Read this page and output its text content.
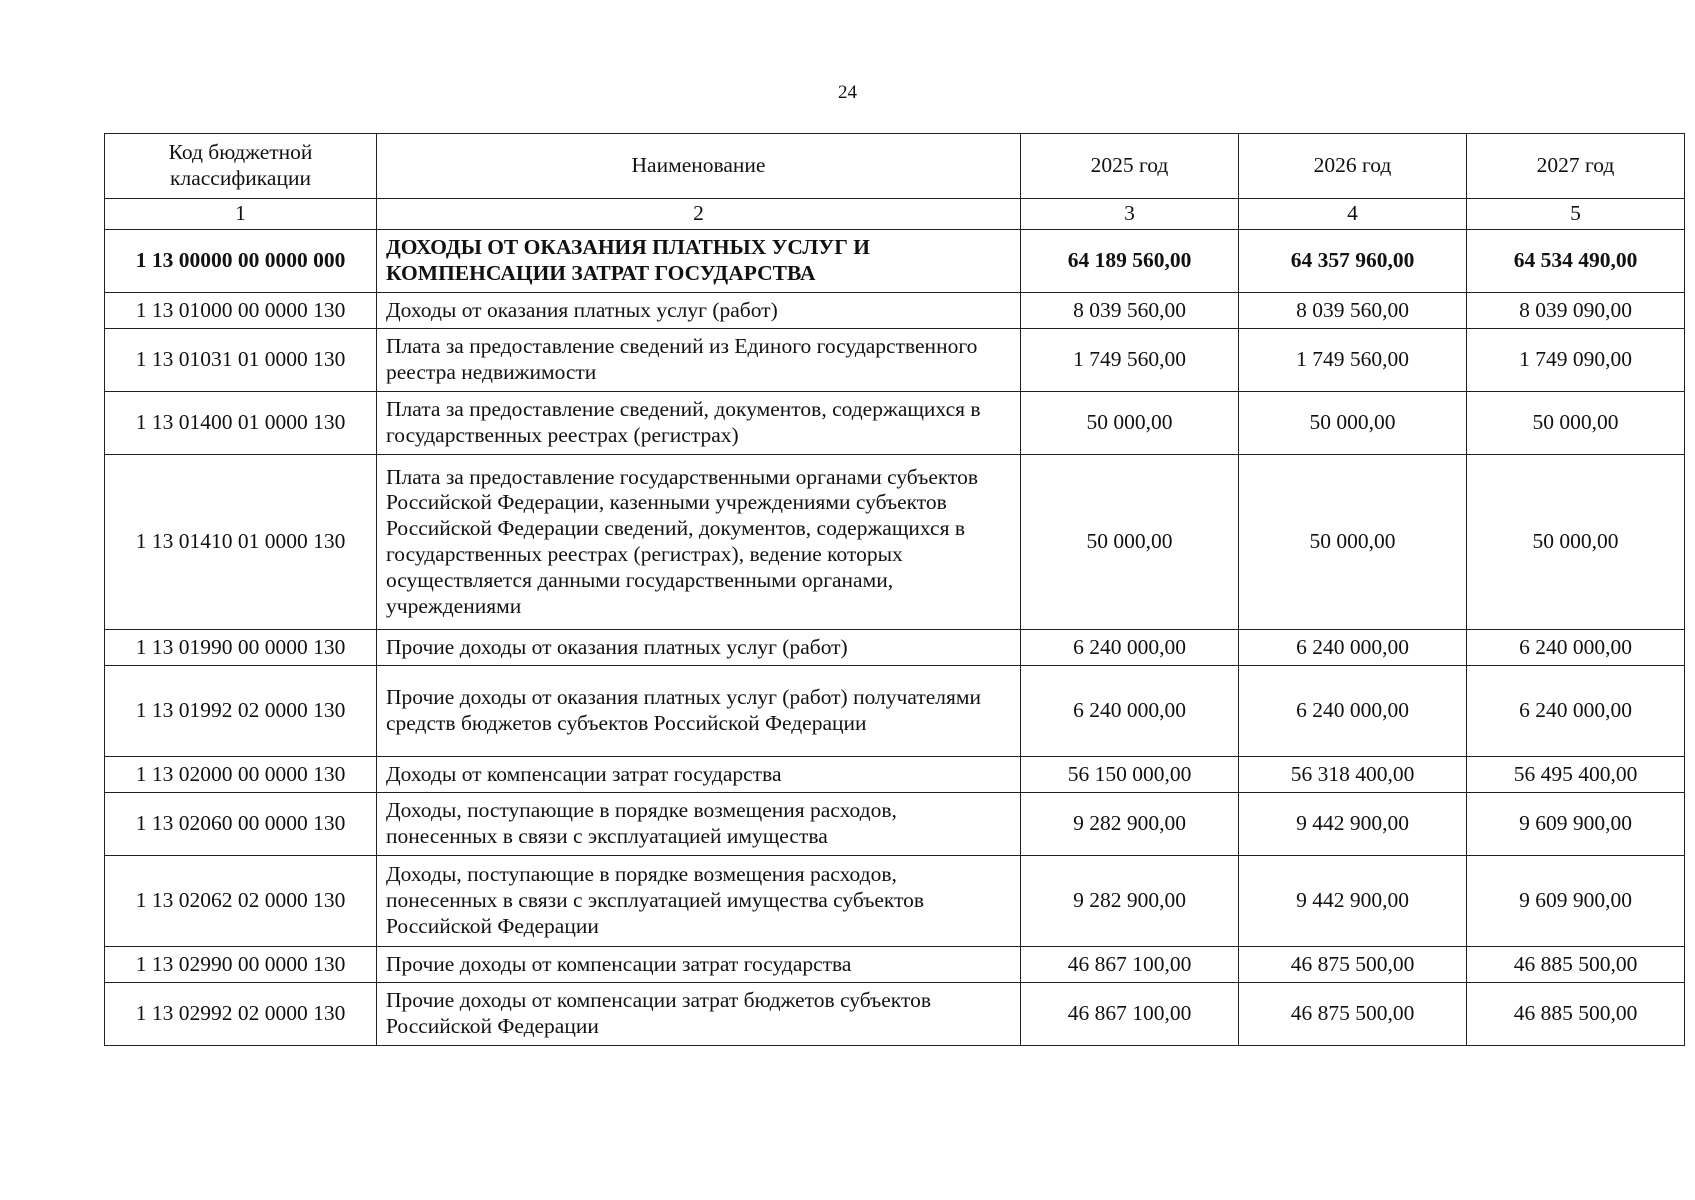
24
Код бюджетной классификации	Наименование	2025 год	2026 год	2027 год
1	2	3	4	5
1 13 00000 00 0000 000	ДОХОДЫ ОТ ОКАЗАНИЯ ПЛАТНЫХ УСЛУГ И КОМПЕНСАЦИИ ЗАТРАТ ГОСУДАРСТВА	64 189 560,00	64 357 960,00	64 534 490,00
1 13 01000 00 0000 130	Доходы от оказания платных услуг (работ)	8 039 560,00	8 039 560,00	8 039 090,00
1 13 01031 01 0000 130	Плата за предоставление сведений из Единого государственного реестра недвижимости	1 749 560,00	1 749 560,00	1 749 090,00
1 13 01400 01 0000 130	Плата за предоставление сведений, документов, содержащихся в государственных реестрах (регистрах)	50 000,00	50 000,00	50 000,00
1 13 01410 01 0000 130	Плата за предоставление государственными органами субъектов Российской Федерации, казенными учреждениями субъектов Российской Федерации сведений, документов, содержащихся в государственных реестрах (регистрах), ведение которых осуществляется данными государственными органами, учреждениями	50 000,00	50 000,00	50 000,00
1 13 01990 00 0000 130	Прочие доходы от оказания платных услуг (работ)	6 240 000,00	6 240 000,00	6 240 000,00
1 13 01992 02 0000 130	Прочие доходы от оказания платных услуг (работ) получателями средств бюджетов субъектов Российской Федерации	6 240 000,00	6 240 000,00	6 240 000,00
1 13 02000 00 0000 130	Доходы от компенсации затрат государства	56 150 000,00	56 318 400,00	56 495 400,00
1 13 02060 00 0000 130	Доходы, поступающие в порядке возмещения расходов, понесенных в связи с эксплуатацией имущества	9 282 900,00	9 442 900,00	9 609 900,00
1 13 02062 02 0000 130	Доходы, поступающие в порядке возмещения расходов, понесенных в связи с эксплуатацией имущества субъектов Российской Федерации	9 282 900,00	9 442 900,00	9 609 900,00
1 13 02990 00 0000 130	Прочие доходы от компенсации затрат государства	46 867 100,00	46 875 500,00	46 885 500,00
1 13 02992 02 0000 130	Прочие доходы от компенсации затрат бюджетов субъектов Российской Федерации	46 867 100,00	46 875 500,00	46 885 500,00
